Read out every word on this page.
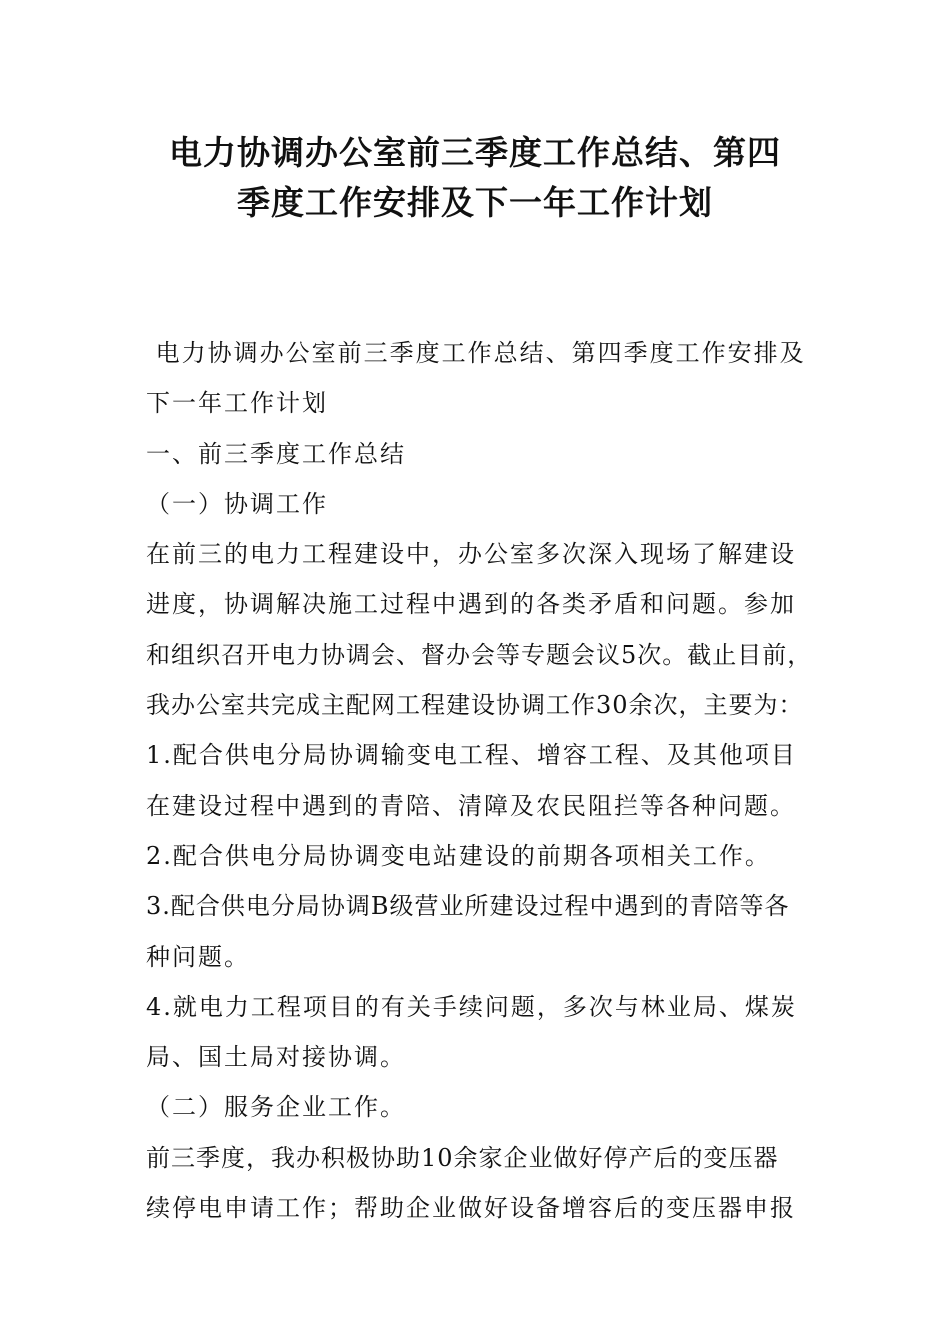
电力协调办公室前三季度工作总结、第四
季度工作安排及下一年工作计划
电力协调办公室前三季度工作总结、第四季度工作安排及
下一年工作计划
一、前三季度工作总结
（一）协调工作
在前三的电力工程建设中，办公室多次深入现场了解建设
进度，协调解决施工过程中遇到的各类矛盾和问题。参加
和组织召开电力协调会、督办会等专题会议5次。截止目前，
我办公室共完成主配网工程建设协调工作30余次，主要为：
1.配合供电分局协调输变电工程、增容工程、及其他项目
在建设过程中遇到的青陪、清障及农民阻拦等各种问题。
2.配合供电分局协调变电站建设的前期各项相关工作。
3.配合供电分局协调B级营业所建设过程中遇到的青陪等各
种问题。
4.就电力工程项目的有关手续问题，多次与林业局、煤炭
局、国土局对接协调。
（二）服务企业工作。
前三季度，我办积极协助10余家企业做好停产后的变压器
续停电申请工作；帮助企业做好设备增容后的变压器申报
